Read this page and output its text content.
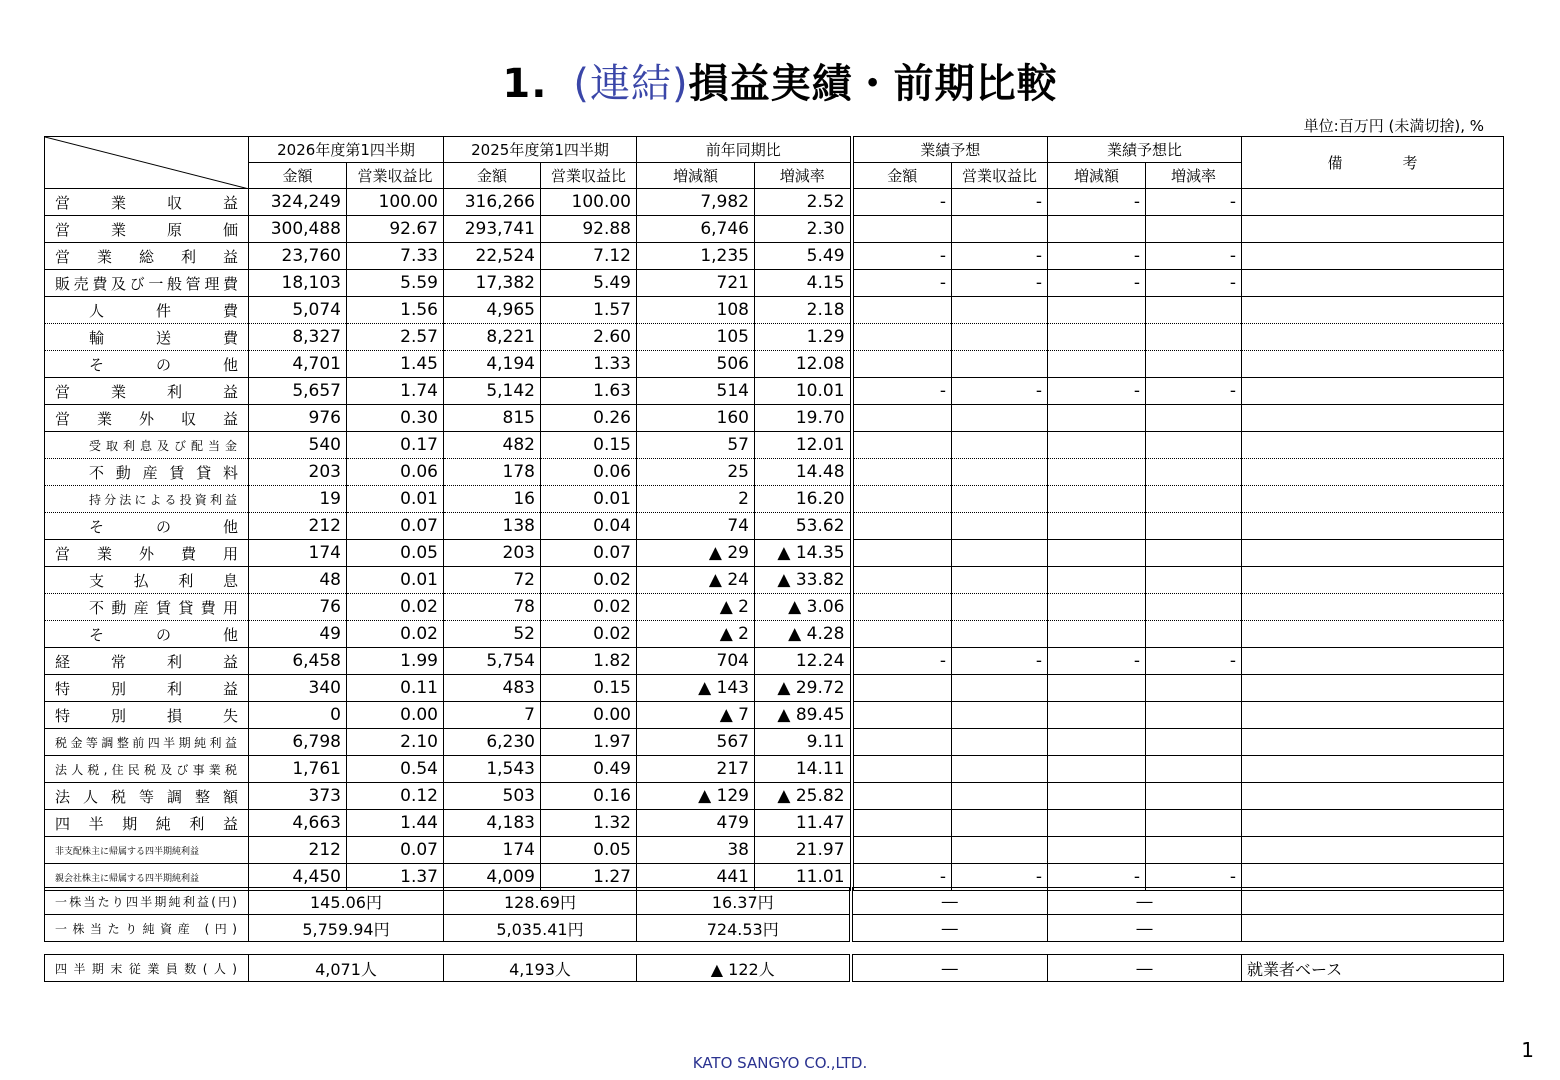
1. (連結)損益実績・前期比較
単位:百万円 (未満切捨), %
	2026年度第1四半期		2025年度第1四半期		前年同期比		業績予想		業績予想比		備　　　　考
	金額	営業収益比	金額	営業収益比	増減額	増減率	金額	営業収益比	増減額	増減率	
営業収益	324,249	100.00	316,266	100.00	7,982	2.52	-	-	-	-	
営業原価	300,488	92.67	293,741	92.88	6,746	2.30					
営業総利益	23,760	7.33	22,524	7.12	1,235	5.49	-	-	-	-	
販売費及び一般管理費	18,103	5.59	17,382	5.49	721	4.15	-	-	-	-	
人件費	5,074	1.56	4,965	1.57	108	2.18					
輸送費	8,327	2.57	8,221	2.60	105	1.29					
その他	4,701	1.45	4,194	1.33	506	12.08					
営業利益	5,657	1.74	5,142	1.63	514	10.01	-	-	-	-	
営業外収益	976	0.30	815	0.26	160	19.70					
受取利息及び配当金	540	0.17	482	0.15	57	12.01					
不動産賃貸料	203	0.06	178	0.06	25	14.48					
持分法による投資利益	19	0.01	16	0.01	2	16.20					
その他	212	0.07	138	0.04	74	53.62					
営業外費用	174	0.05	203	0.07	▲ 29	▲ 14.35					
支払利息	48	0.01	72	0.02	▲ 24	▲ 33.82					
不動産賃貸費用	76	0.02	78	0.02	▲ 2	▲ 3.06					
その他	49	0.02	52	0.02	▲ 2	▲ 4.28					
経常利益	6,458	1.99	5,754	1.82	704	12.24	-	-	-	-	
特別利益	340	0.11	483	0.15	▲ 143	▲ 29.72					
特別損失	0	0.00	7	0.00	▲ 7	▲ 89.45					
税金等調整前四半期純利益	6,798	2.10	6,230	1.97	567	9.11					
法人税,住民税及び事業税	1,761	0.54	1,543	0.49	217	14.11					
法人税等調整額	373	0.12	503	0.16	▲ 129	▲ 25.82					
四半期純利益	4,663	1.44	4,183	1.32	479	11.47					
非支配株主に帰属する四半期純利益	212	0.07	174	0.05	38	21.97					
親会社株主に帰属する四半期純利益	4,450	1.37	4,009	1.27	441	11.01	-	-	-	-	
一株当たり四半期純利益(円)	145.06円	128.69円	16.37円	―	―	
一株当たり純資産 (円)	5,759.94円	5,035.41円	724.53円	―	―	
四半期末従業員数(人)	4,071人	4,193人	▲ 122人	―	―	就業者ベース
KATO SANGYO CO.,LTD.
1
